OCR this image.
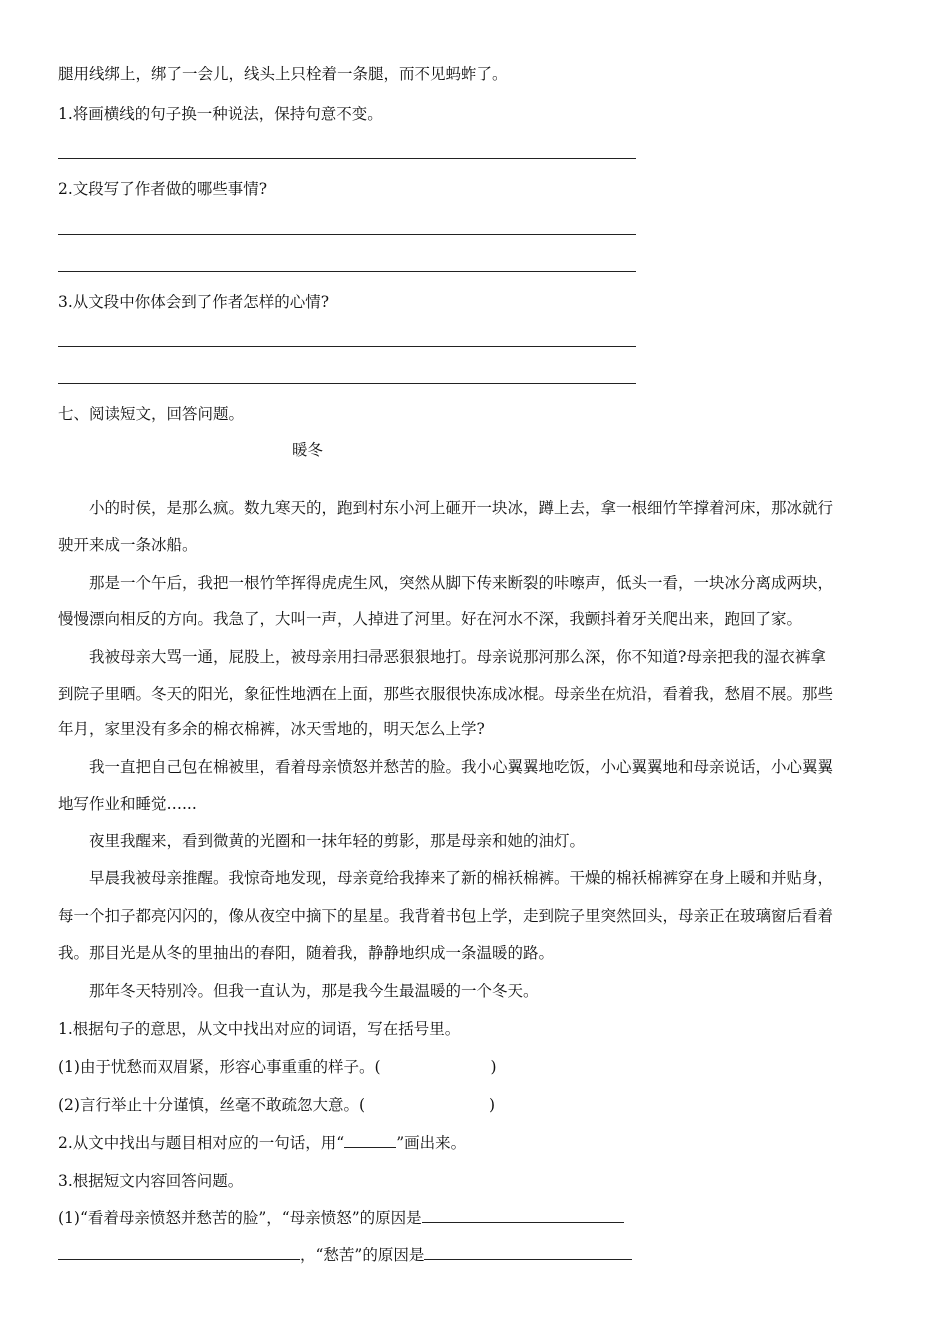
腿用线绑上，绑了一会儿，线头上只栓着一条腿，而不见蚂蚱了。
1.将画横线的句子换一种说法，保持句意不变。
2.文段写了作者做的哪些事情?
3.从文段中你体会到了作者怎样的心情?
七、阅读短文，回答问题。
暖冬
小的时侯，是那么疯。数九寒天的，跑到村东小河上砸开一块冰，蹲上去，拿一根细竹竿撑着河床，那冰就行
驶开来成一条冰船。
那是一个午后，我把一根竹竿挥得虎虎生风，突然从脚下传来断裂的咔嚓声，低头一看，一块冰分离成两块，
慢慢漂向相反的方向。我急了，大叫一声，人掉进了河里。好在河水不深，我颤抖着牙关爬出来，跑回了家。
我被母亲大骂一通，屁股上，被母亲用扫帚恶狠狠地打。母亲说那河那么深，你不知道?母亲把我的湿衣裤拿
到院子里晒。冬天的阳光，象征性地洒在上面，那些衣服很快冻成冰棍。母亲坐在炕沿，看着我，愁眉不展。那些
年月，家里没有多余的棉衣棉裤，冰天雪地的，明天怎么上学?
我一直把自己包在棉被里，看着母亲愤怒并愁苦的脸。我小心翼翼地吃饭，小心翼翼地和母亲说话，小心翼翼
地写作业和睡觉…...
夜里我醒来，看到微黄的光圈和一抹年轻的剪影，那是母亲和她的油灯。
早晨我被母亲推醒。我惊奇地发现，母亲竟给我捧来了新的棉袄棉裤。干燥的棉袄棉裤穿在身上暖和并贴身，
每一个扣子都亮闪闪的，像从夜空中摘下的星星。我背着书包上学，走到院子里突然回头，母亲正在玻璃窗后看着
我。那目光是从冬的里抽出的春阳，随着我，静静地织成一条温暖的路。
那年冬天特别冷。但我一直认为，那是我今生最温暖的一个冬天。
1.根据句子的意思，从文中找出对应的词语，写在括号里。
(1)由于忧愁而双眉紧，形容心事重重的样子。(	)
(2)言行举止十分谨慎，丝毫不敢疏忽大意。(	)
2.从文中找出与题目相对应的一句话，用“	”画出来。
3.根据短文内容回答问题。
(1)“看着母亲愤怒并愁苦的脸”，“母亲愤怒”的原因是
，“愁苦”的原因是
